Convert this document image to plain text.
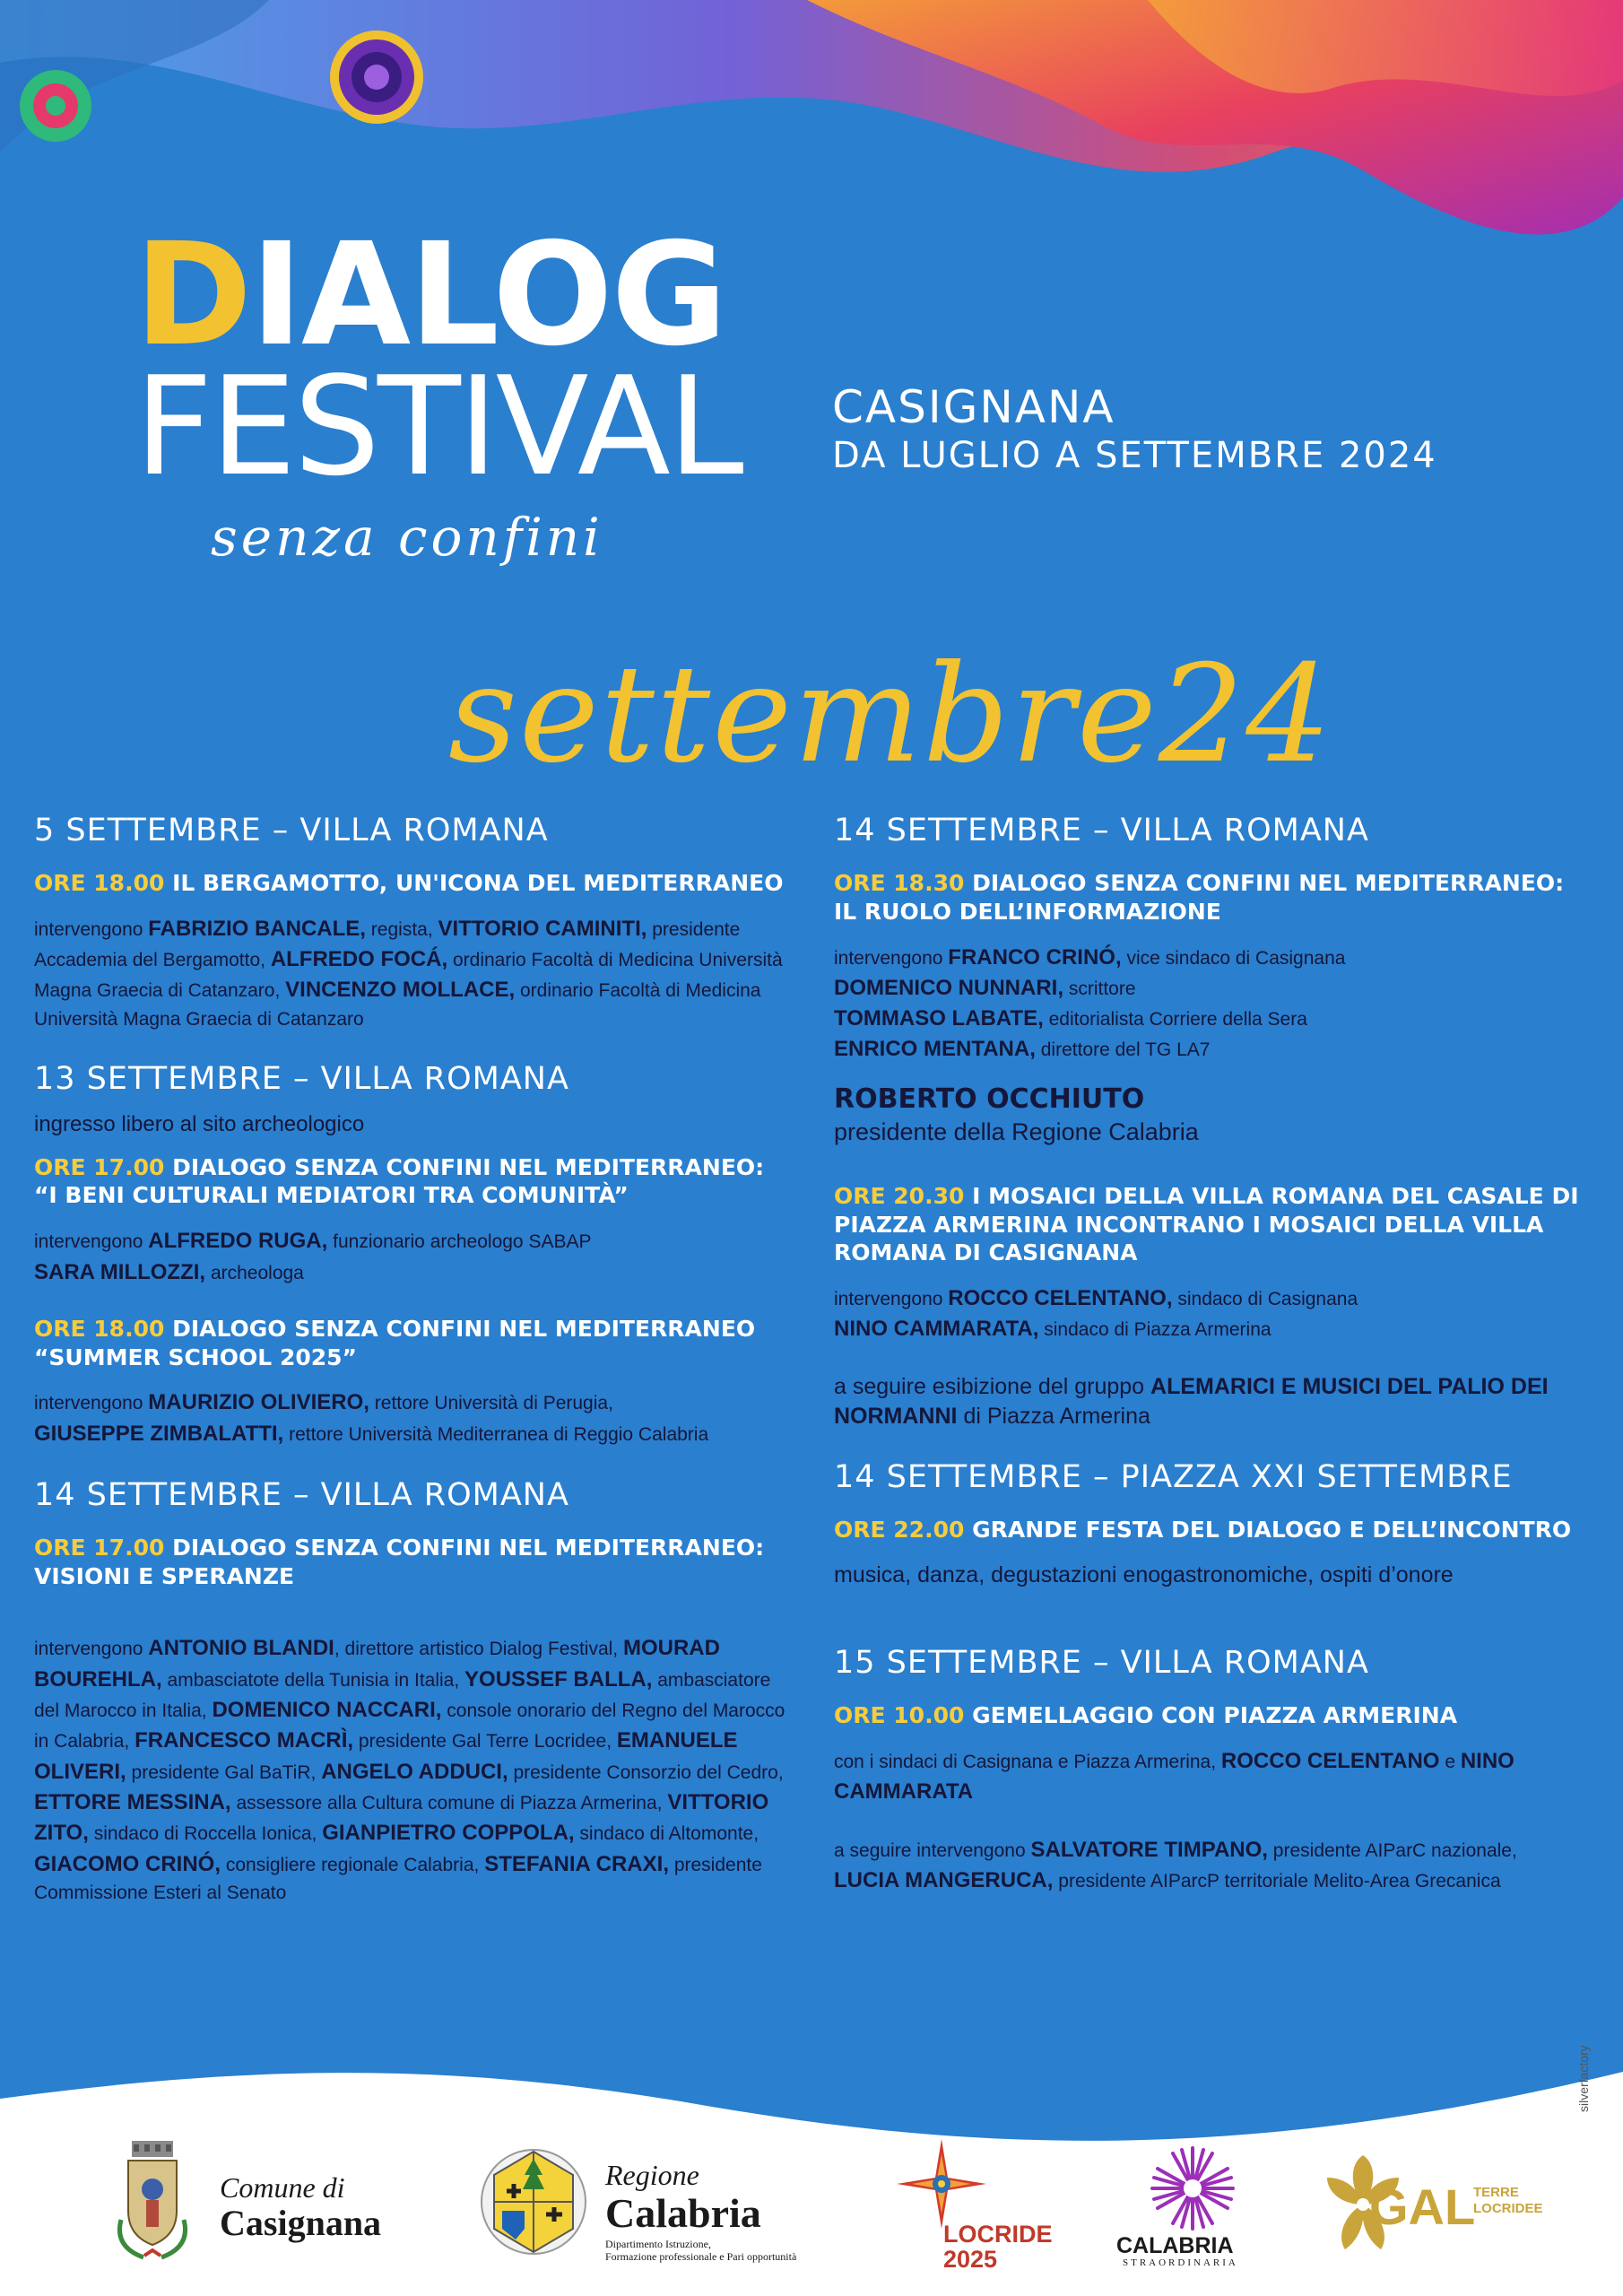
DIALOG
FESTIVAL
senza confini
CASIGNANA
DA LUGLIO A SETTEMBRE 2024
settembre24
5 SETTEMBRE – VILLA ROMANA
ORE 18.00 IL BERGAMOTTO, UN'ICONA DEL MEDITERRANEO
intervengono FABRIZIO BANCALE, regista, VITTORIO CAMINITI, presidente Accademia del Bergamotto, ALFREDO FOCÁ, ordinario Facoltà di Medicina Università Magna Graecia di Catanzaro, VINCENZO MOLLACE, ordinario Facoltà di Medicina Università Magna Graecia di Catanzaro
13 SETTEMBRE – VILLA ROMANA
ingresso libero al sito archeologico
ORE 17.00 DIALOGO SENZA CONFINI NEL MEDITERRANEO: “I BENI CULTURALI MEDIATORI TRA COMUNITÀ”
intervengono ALFREDO RUGA, funzionario archeologo SABAP
SARA MILLOZZI, archeologa
ORE 18.00 DIALOGO SENZA CONFINI NEL MEDITERRANEO “SUMMER SCHOOL 2025”
intervengono MAURIZIO OLIVIERO, rettore Università di Perugia,
GIUSEPPE ZIMBALATTI, rettore Università Mediterranea di Reggio Calabria
14 SETTEMBRE – VILLA ROMANA
ORE 17.00 DIALOGO SENZA CONFINI NEL MEDITERRANEO: VISIONI E SPERANZE
intervengono ANTONIO BLANDI, direttore artistico Dialog Festival, MOURAD BOUREHLA, ambasciatote della Tunisia in Italia, YOUSSEF BALLA, ambasciatore del Marocco in Italia, DOMENICO NACCARI, console onorario del Regno del Marocco in Calabria, FRANCESCO MACRÌ, presidente Gal Terre Locridee, EMANUELE OLIVERI, presidente Gal BaTiR, ANGELO ADDUCI, presidente Consorzio del Cedro, ETTORE MESSINA, assessore alla Cultura comune di Piazza Armerina, VITTORIO ZITO, sindaco di Roccella Ionica, GIANPIETRO COPPOLA, sindaco di Altomonte, GIACOMO CRINÓ, consigliere regionale Calabria, STEFANIA CRAXI, presidente Commissione Esteri al Senato
14 SETTEMBRE – VILLA ROMANA
ORE 18.30 DIALOGO SENZA CONFINI NEL MEDITERRANEO: IL RUOLO DELL’INFORMAZIONE
intervengono FRANCO CRINÓ, vice sindaco di Casignana
DOMENICO NUNNARI, scrittore
TOMMASO LABATE, editorialista Corriere della Sera
ENRICO MENTANA, direttore del TG LA7
ROBERTO OCCHIUTO
presidente della Regione Calabria
ORE 20.30 I MOSAICI DELLA VILLA ROMANA DEL CASALE DI PIAZZA ARMERINA INCONTRANO I MOSAICI DELLA VILLA ROMANA DI CASIGNANA
intervengono ROCCO CELENTANO, sindaco di Casignana
NINO CAMMARATA, sindaco di Piazza Armerina
a seguire esibizione del gruppo ALEMARICI E MUSICI DEL PALIO DEI NORMANNI di Piazza Armerina
14 SETTEMBRE – PIAZZA XXI SETTEMBRE
ORE 22.00 GRANDE FESTA DEL DIALOGO E DELL’INCONTRO
musica, danza, degustazioni enogastronomiche, ospiti d’onore
15 SETTEMBRE – VILLA ROMANA
ORE 10.00 GEMELLAGGIO CON PIAZZA ARMERINA
con i sindaci di Casignana e Piazza Armerina, ROCCO CELENTANO e NINO CAMMARATA
a seguire intervengono SALVATORE TIMPANO, presidente AIParC nazionale, LUCIA MANGERUCA, presidente AIParcP territoriale Melito-Area Grecanica
Comune di
Casignana
Regione
Calabria
Dipartimento Istruzione,
Formazione professionale e Pari opportunità
LOCRIDE
2025	CALABRIA
STRAORDINARIA
GAL
TERRE
LOCRIDEE
silverfactory
